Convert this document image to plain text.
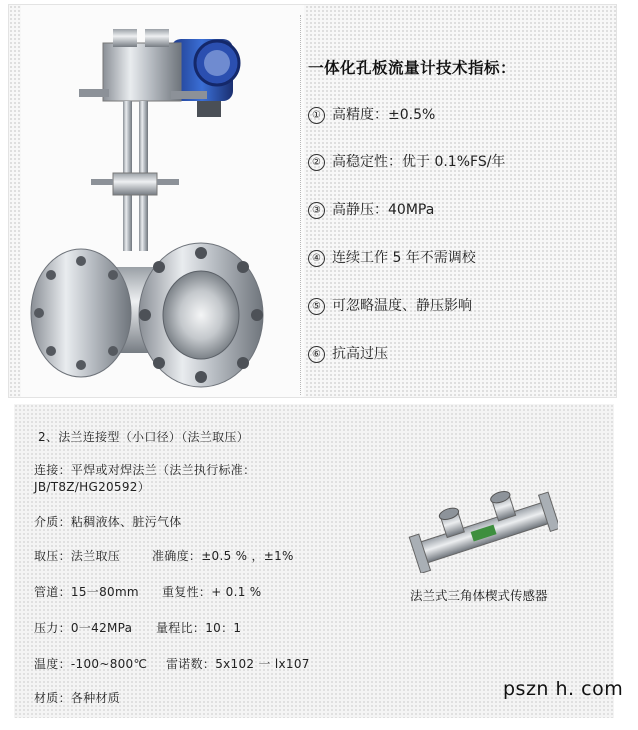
一体化孔板流量计技术指标：
① 高精度：±0.5%
② 高稳定性：优于 0.1%FS/年
③ 高静压：40MPa
④ 连续工作 5 年不需调校
⑤ 可忽略温度、静压影响
⑥ 抗高过压
2、法兰连接型（小口径）（法兰取压）
连接：平焊或对焊法兰（法兰执行标准：
JB/T8Z/HG20592）
介质：粘稠液体、脏污气体
取压：法兰取压	准确度：±0.5 % ，±1%
管道：15一80mm 重复性：+ 0.1 %
压力：0一42MPa 量程比：10：1
温度：-100~800℃ 雷诺数：5x102 一 lx107
材质：各种材质
法兰式三角体楔式传感器
pszn h. com
